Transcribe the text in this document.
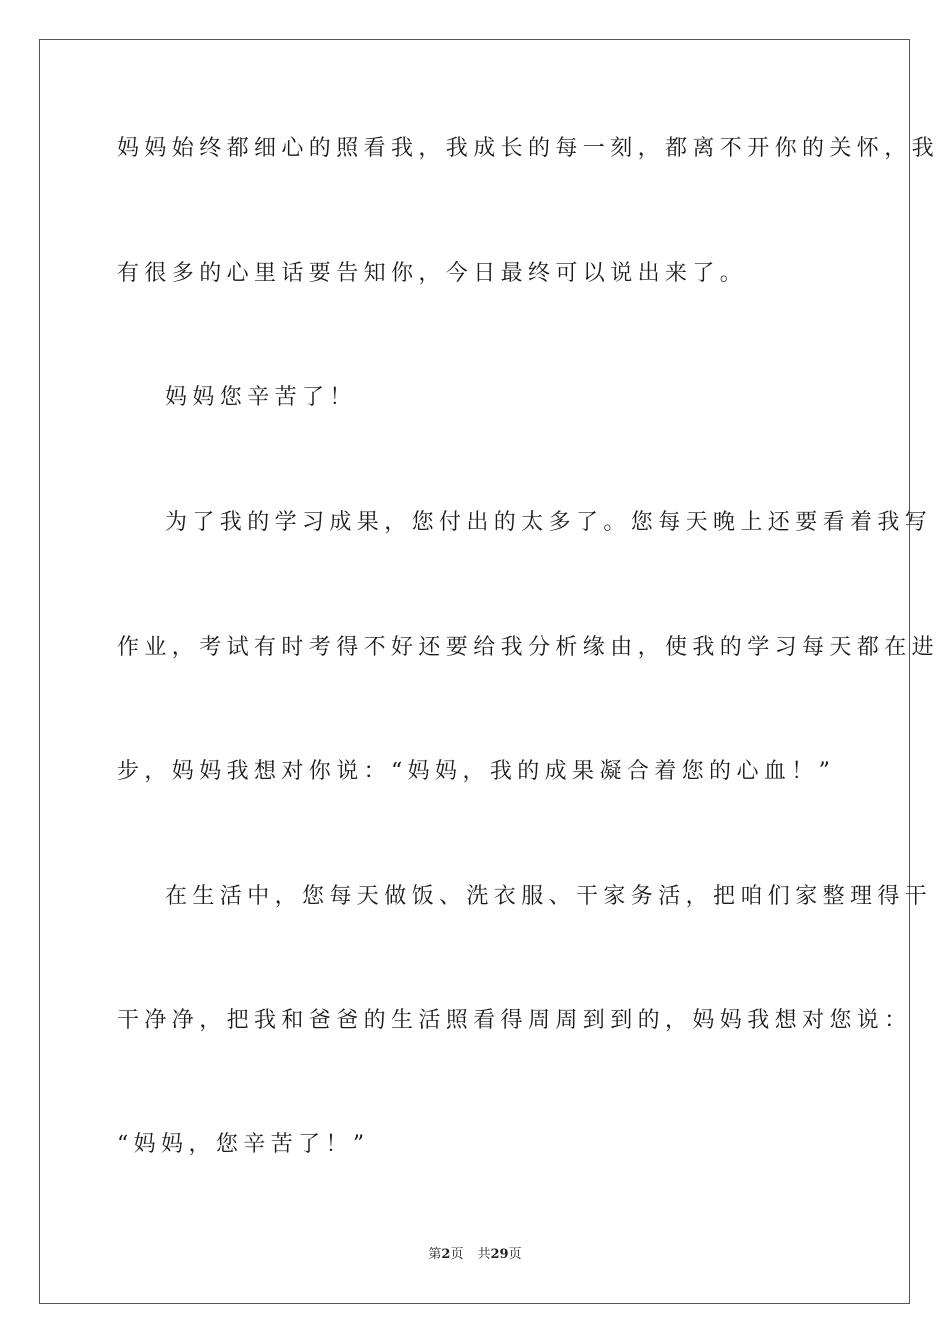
妈妈始终都细心的照看我，我成长的每一刻，都离不开你的关怀，我
有很多的心里话要告知你，今日最终可以说出来了。
妈妈您辛苦了！
为了我的学习成果，您付出的太多了。您每天晚上还要看着我写
作业，考试有时考得不好还要给我分析缘由，使我的学习每天都在进
步，妈妈我想对你说：“妈妈，我的成果凝合着您的心血！”
在生活中，您每天做饭、洗衣服、干家务活，把咱们家整理得干
干净净，把我和爸爸的生活照看得周周到到的，妈妈我想对您说：
“妈妈，您辛苦了！”
第2页 共29页
